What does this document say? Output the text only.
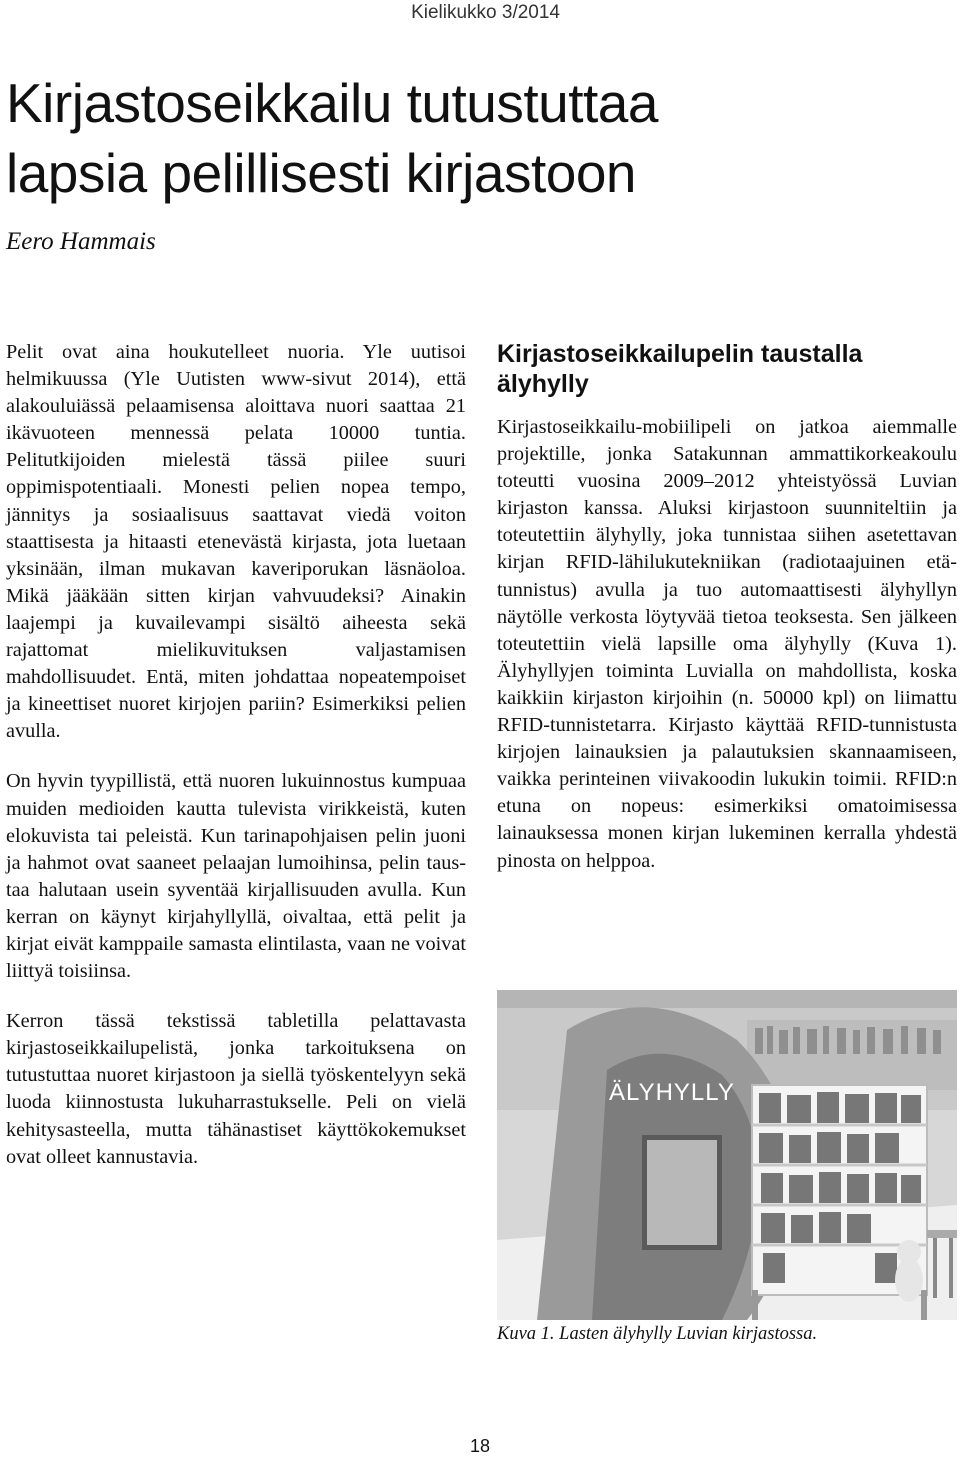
Kielikukko 3/2014
Kirjastoseikkailu tutustuttaa
lapsia pelillisesti kirjastoon
Eero Hammais

Pelit ovat aina houkutelleet nuoria. Yle uutisoi helmikuussa (Yle Uutisten www-sivut 2014), että alakouluiässä pelaamisensa aloittava nuori saattaa 21 ikävuoteen mennessä pelata 10000 tuntia. Pelitutkijoiden mielestä tässä piilee suuri oppimispotentiaali. Monesti pelien nopea tempo, jännitys ja sosiaalisuus saattavat viedä voiton staattisesta ja hitaasti etenevästä kirjasta, jota luetaan yksinään, ilman mukavan kaveriporukan läsnäoloa. Mikä jääkään sitten kirjan vahvuudeksi? Ainakin laajempi ja kuvailevampi sisältö aiheesta sekä rajattomat mielikuvituksen valjastamisen mahdollisuudet. Entä, miten johdattaa nopeatempoiset ja kineettiset nuoret kirjojen pariin? Esimerkiksi pelien avulla.

On hyvin tyypillistä, että nuoren lukuinnostus kumpuaa muiden medioiden kautta tulevista virikkeistä, kuten elokuvista tai peleistä. Kun tarinapohjaisen pelin juoni ja hahmot ovat saaneet pelaajan lumoihinsa, pelin taustaa halutaan usein syventää kirjallisuuden avulla. Kun kerran on käynyt kirjahyllyllä, oivaltaa, että pelit ja kirjat eivät kamppaile samasta elintilasta, vaan ne voivat liittyä toisiinsa.

Kerron tässä tekstissä tabletilla pelattavasta kirjastoseikkailupelistä, jonka tarkoituksena on tutustuttaa nuoret kirjastoon ja siellä työskentelyyn sekä luoda kiinnostusta lukuharrastukselle. Peli on vielä kehitysasteella, mutta tähänastiset käyttökokemukset ovat olleet kannustavia.

Kirjastoseikkailupelin taustalla älyhylly

Kirjastoseikkailu-mobiilipeli on jatkoa aiemmalle projektille, jonka Satakunnan ammattikorkeakoulu toteutti vuosina 2009–2012 yhteistyössä Luvian kirjaston kanssa. Aluksi kirjastoon suunniteltiin ja toteutettiin älyhylly, joka tunnistaa siihen asetettavan kirjan RFID-lähilukutekniikan (radiotaajuinen etätunnistus) avulla ja tuo automaattisesti älyhyllyn näytölle verkosta löytyvää tietoa teoksesta. Sen jälkeen toteutettiin vielä lapsille oma älyhylly (Kuva 1). Älyhyllyjen toiminta Luvialla on mahdollista, koska kaikkiin kirjaston kirjoihin (n. 50000 kpl) on liimattu RFID-tunnistetarra. Kirjasto käyttää RFID-tunnistusta kirjojen lainauksien ja palautuksien skannaamiseen, vaikka perinteinen viivakoodin lukukin toimii. RFID:n etuna on nopeus: esimerkiksi omatoimisessa lainauksessa monen kirjan lukeminen kerralla yhdestä pinosta on helppoa.

ÄLYHYLLY
Kuva 1. Lasten älyhylly Luvian kirjastossa.
18
